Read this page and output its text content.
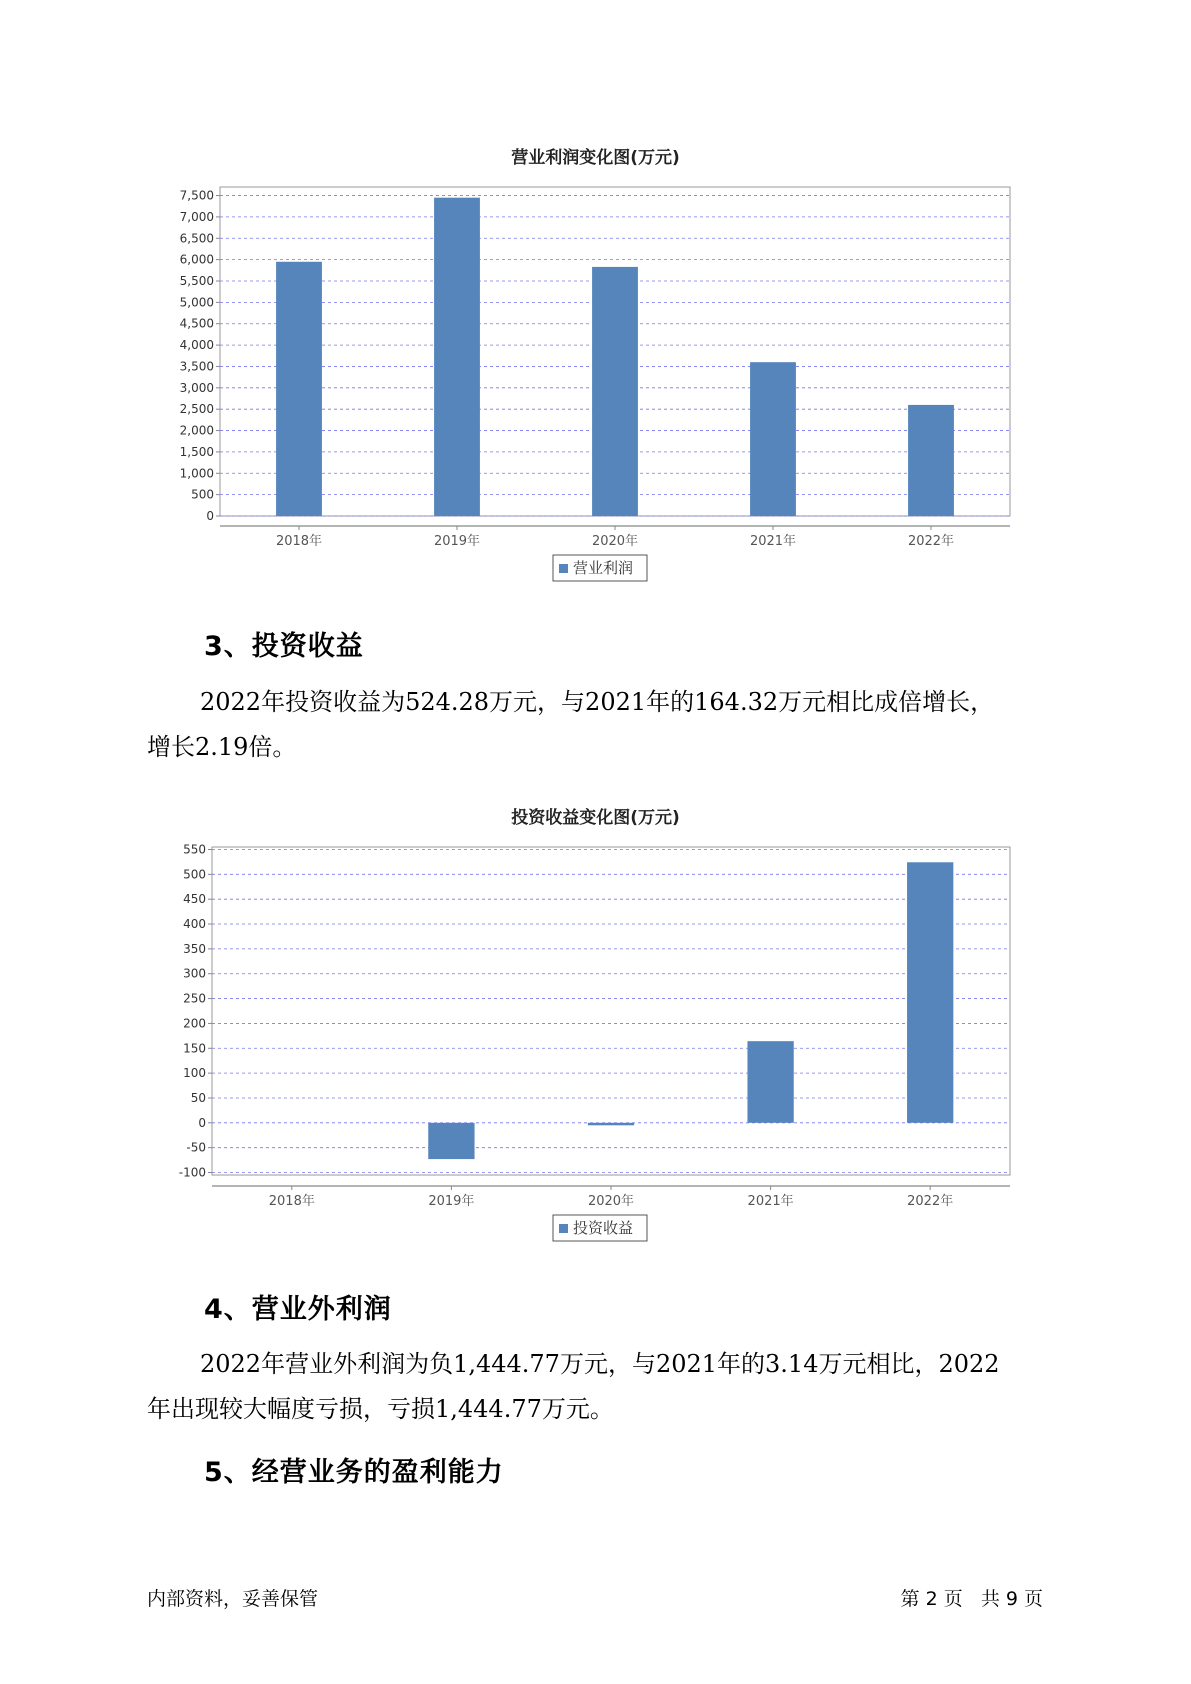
营业利润变化图(万元)
0
500
1,000
1,500
2,000
2,500
3,000
3,500
4,000
4,500
5,000
5,500
6,000
6,500
7,000
7,500
2018年	2019年	2020年	2021年	2022年
营业利润
3、投资收益
2022年投资收益为524.28万元，与2021年的164.32万元相比成倍增长，
增长2.19倍。
投资收益变化图(万元)
-100
-50
0
50
100
150
200
250
300
350
400
450
500
550
2018年	2019年	2020年	2021年	2022年
投资收益
4、营业外利润
2022年营业外利润为负1,444.77万元，与2021年的3.14万元相比，2022
年出现较大幅度亏损，亏损1,444.77万元。
5、经营业务的盈利能力
内部资料，妥善保管	第 2 页   共 9 页
